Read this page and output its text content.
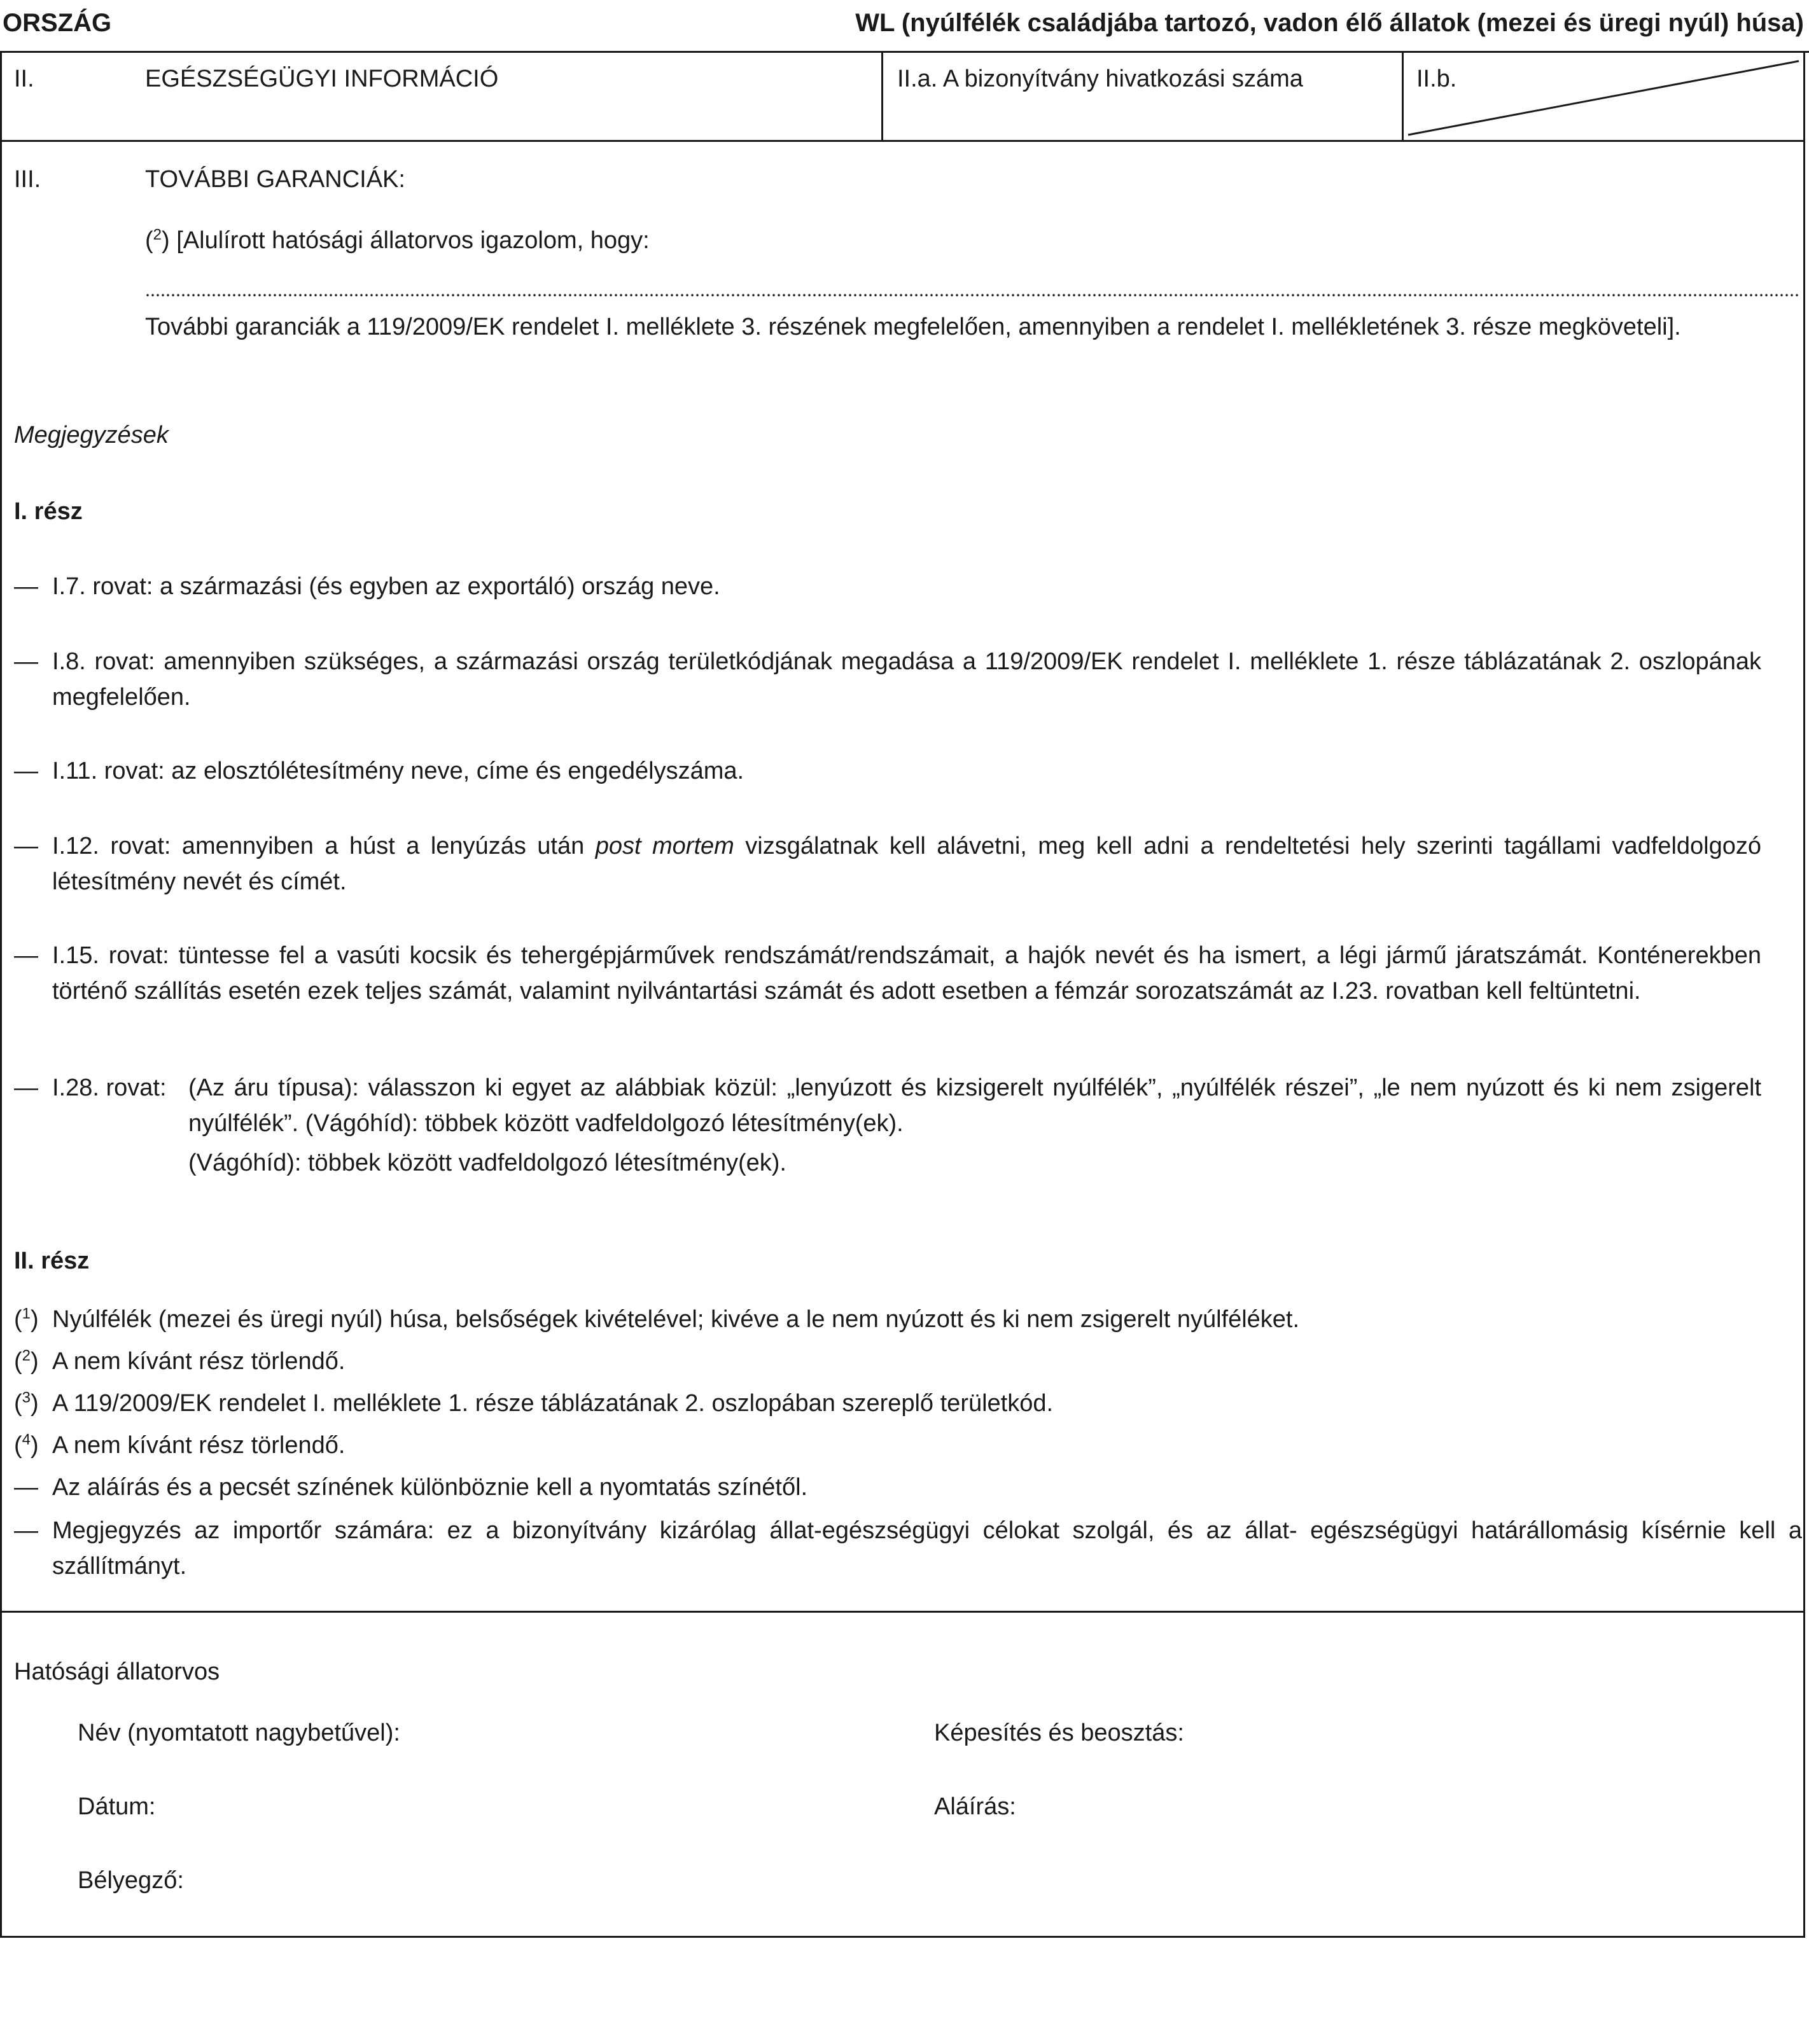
ORSZÁG	WL (nyúlfélék családjába tartozó, vadon élő állatok (mezei és üregi nyúl) húsa)
II.	EGÉSZSÉGÜGYI INFORMÁCIÓ	II.a. A bizonyítvány hivatkozási száma	II.b.
III.	TOVÁBBI GARANCIÁK:
($^2$) [Alulírott hatósági állatorvos igazolom, hogy:
További garanciák a 119/2009/EK rendelet I. melléklete 3. részének megfelelően, amennyiben a rendelet I. mellékletének 3. része megköveteli].
Megjegyzések
I. rész
— I.7. rovat: a származási (és egyben az exportáló) ország neve.
— I.8. rovat: amennyiben szükséges, a származási ország területkódjának megadása a 119/2009/EK rendelet I. melléklete 1. része táblázatának 2. oszlopának megfelelően.
— I.11. rovat: az elosztólétesítmény neve, címe és engedélyszáma.
— I.12. rovat: amennyiben a húst a lenyúzás után post mortem vizsgálatnak kell alávetni, meg kell adni a rendeltetési hely szerinti tagállami vadfeldolgozó létesítmény nevét és címét.
— I.15. rovat: tüntesse fel a vasúti kocsik és tehergépjárművek rendszámát/rendszámait, a hajók nevét és ha ismert, a légi jármű járatszámát. Konténerekben történő szállítás esetén ezek teljes számát, valamint nyilvántartási számát és adott esetben a fémzár sorozatszámát az I.23. rovatban kell feltüntetni.
— I.28. rovat: (Az áru típusa): válasszon ki egyet az alábbiak közül: „lenyúzott és kizsigerelt nyúlfélék”, „nyúlfélék részei”, „le nem nyúzott és ki nem zsigerelt nyúlfélék”. (Vágóhíd): többek között vadfeldolgozó létesítmény(ek).
(Vágóhíd): többek között vadfeldolgozó létesítmény(ek).
II. rész
($^1$) Nyúlfélék (mezei és üregi nyúl) húsa, belsőségek kivételével; kivéve a le nem nyúzott és ki nem zsigerelt nyúlféléket.
($^2$) A nem kívánt rész törlendő.
($^3$) A 119/2009/EK rendelet I. melléklete 1. része táblázatának 2. oszlopában szereplő területkód.
($^4$) A nem kívánt rész törlendő.
— Az aláírás és a pecsét színének különböznie kell a nyomtatás színétől.
— Megjegyzés az importőr számára: ez a bizonyítvány kizárólag állat-egészségügyi célokat szolgál, és az állat- egészségügyi határállomásig kísérnie kell a szállítmányt.
Hatósági állatorvos
Név (nyomtatott nagybetűvel):	Képesítés és beosztás:
Dátum:	Aláírás:
Bélyegző:
